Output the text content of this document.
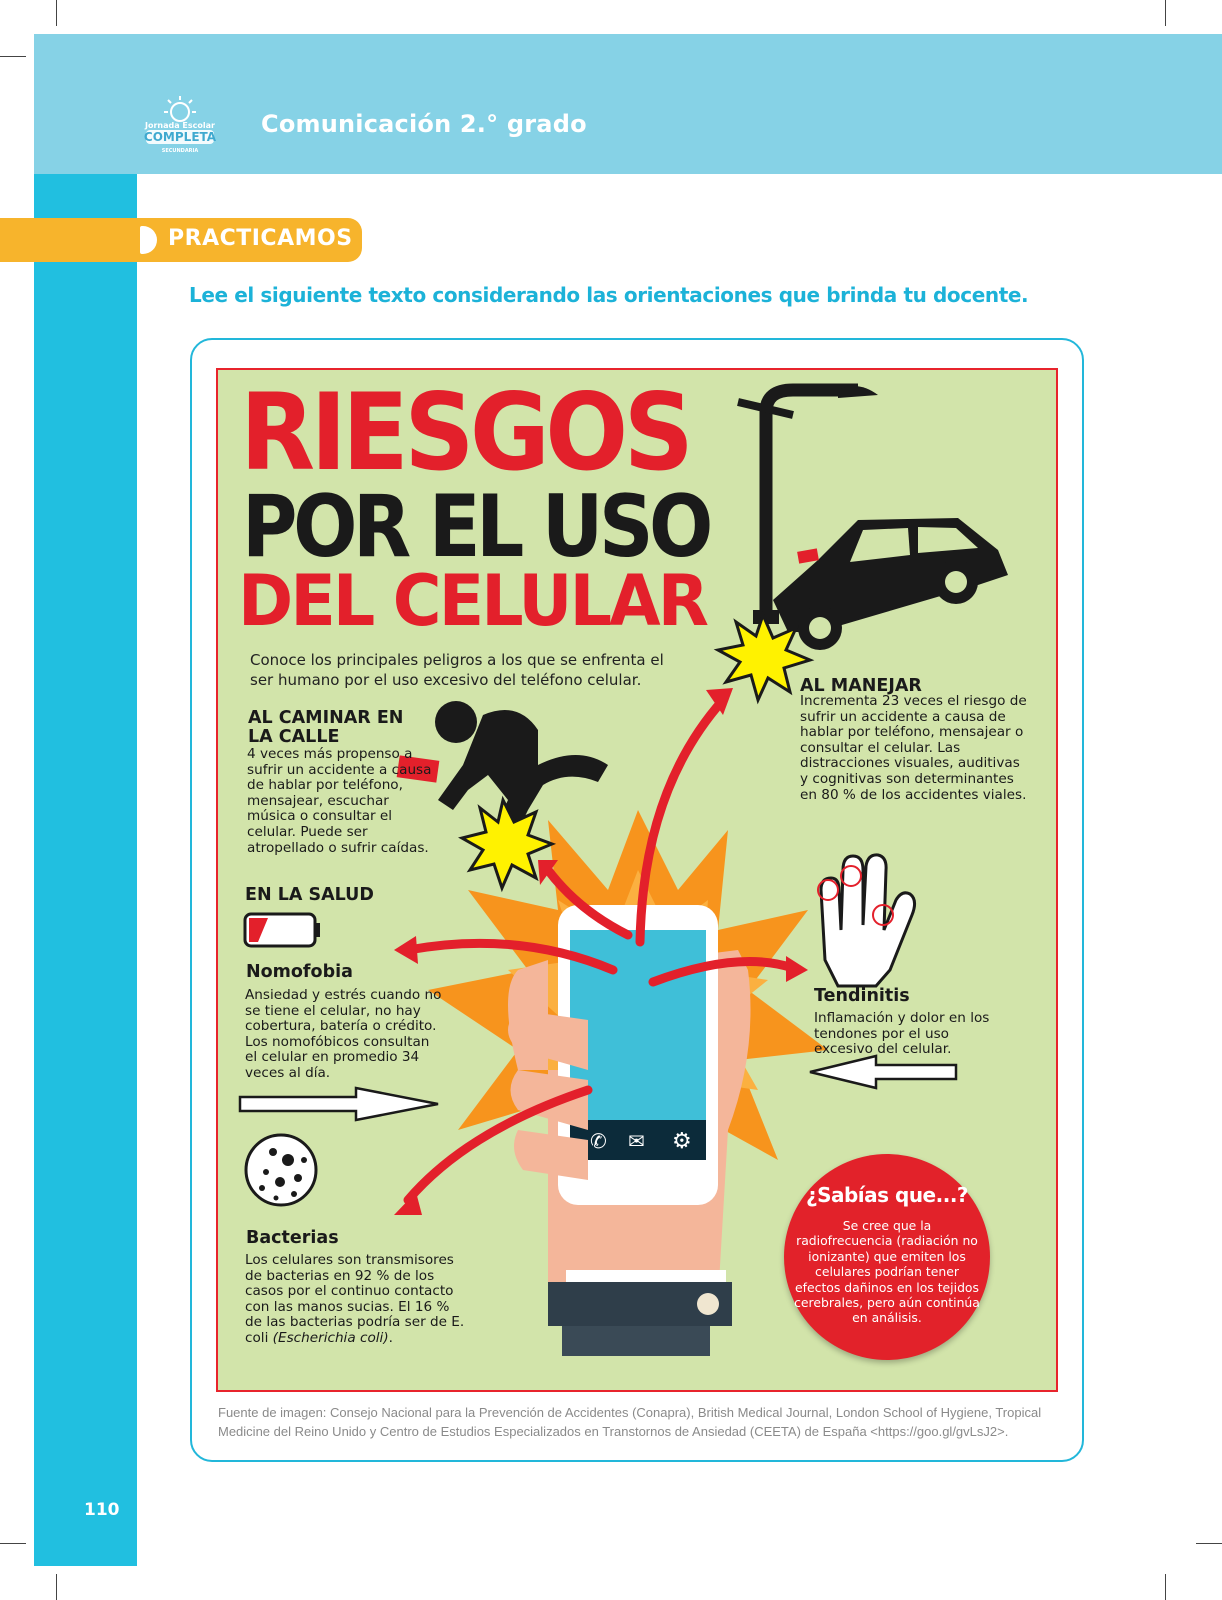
Jornada Escolar
COMPLETA
SECUNDARIA
Comunicación 2.° grado
PRACTICAMOS
Lee el siguiente texto considerando las orientaciones que brinda tu docente.
✆ ✉ ⚙
RIESGOS
POR EL USO
DEL CELULAR
Conoce los principales peligros a los que se enfrenta el ser humano por el uso excesivo del teléfono celular.
AL CAMINAR EN LA CALLE
4 veces más propenso a sufrir un accidente a causa de hablar por teléfono, mensajear, escuchar música o consultar el celular. Puede ser atropellado o sufrir caídas.
AL MANEJAR
Incrementa 23 veces el riesgo de sufrir un accidente a causa de hablar por teléfono, mensajear o consultar el celular. Las distracciones visuales, auditivas y cognitivas son determinantes en 80 % de los accidentes viales.
EN LA SALUD
Nomofobia
Ansiedad y estrés cuando no se tiene el celular, no hay cobertura, batería o crédito. Los nomofóbicos consultan el celular en promedio 34 veces al día.
Tendinitis
Inflamación y dolor en los tendones por el uso excesivo del celular.
Bacterias
Los celulares son transmisores de bacterias en 92 % de los casos por el continuo contacto con las manos sucias. El 16 % de las bacterias podría ser de E. coli (Escherichia coli).
¿Sabías que...?
Se cree que la radiofrecuencia (radiación no ionizante) que emiten los celulares podrían tener efectos dañinos en los tejidos cerebrales, pero aún continúa en análisis.
Fuente de imagen: Consejo Nacional para la Prevención de Accidentes (Conapra), British Medical Journal, London School of Hygiene, Tropical Medicine del Reino Unido y Centro de Estudios Especializados en Transtornos de Ansiedad (CEETA) de España <https://goo.gl/gvLsJ2>.
110
